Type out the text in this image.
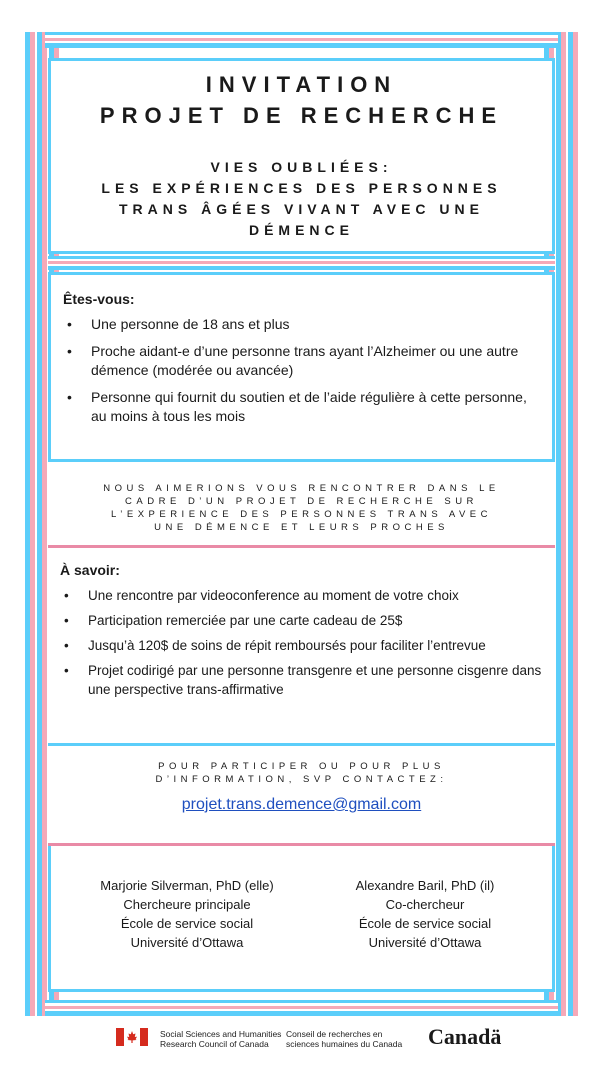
INVITATION
PROJET DE RECHERCHE
VIES OUBLIÉES:
LES EXPÉRIENCES DES PERSONNES
TRANS ÂGÉES VIVANT AVEC UNE
DÉMENCE
Êtes-vous:
• Une personne de 18 ans et plus
• Proche aidant-e d’une personne trans ayant l’Alzheimer ou une autre démence (modérée ou avancée)
• Personne qui fournit du soutien et de l’aide régulière à cette personne, au moins à tous les mois
NOUS AIMERIONS VOUS RENCONTRER DANS LE
CADRE D’UN PROJET DE RECHERCHE SUR
L’EXPERIENCE DES PERSONNES TRANS AVEC
UNE DÉMENCE ET LEURS PROCHES
À savoir:
• Une rencontre par videoconference au moment de votre choix
• Participation remerciée par une carte cadeau de 25$
• Jusqu’à 120$ de soins de répit remboursés pour faciliter l’entrevue
• Projet codirigé par une personne transgenre et une personne cisgenre dans une perspective trans-affirmative
POUR PARTICIPER OU POUR PLUS
D’INFORMATION, SVP CONTACTEZ:
projet.trans.demence@gmail.com
Marjorie Silverman, PhD (elle)
Chercheure principale
École de service social
Université d’Ottawa
Alexandre Baril, PhD (il)
Co-chercheur
École de service social
Université d’Ottawa
Social Sciences and Humanities
Research Council of Canada
Conseil de recherches en
sciences humaines du Canada Canadä
